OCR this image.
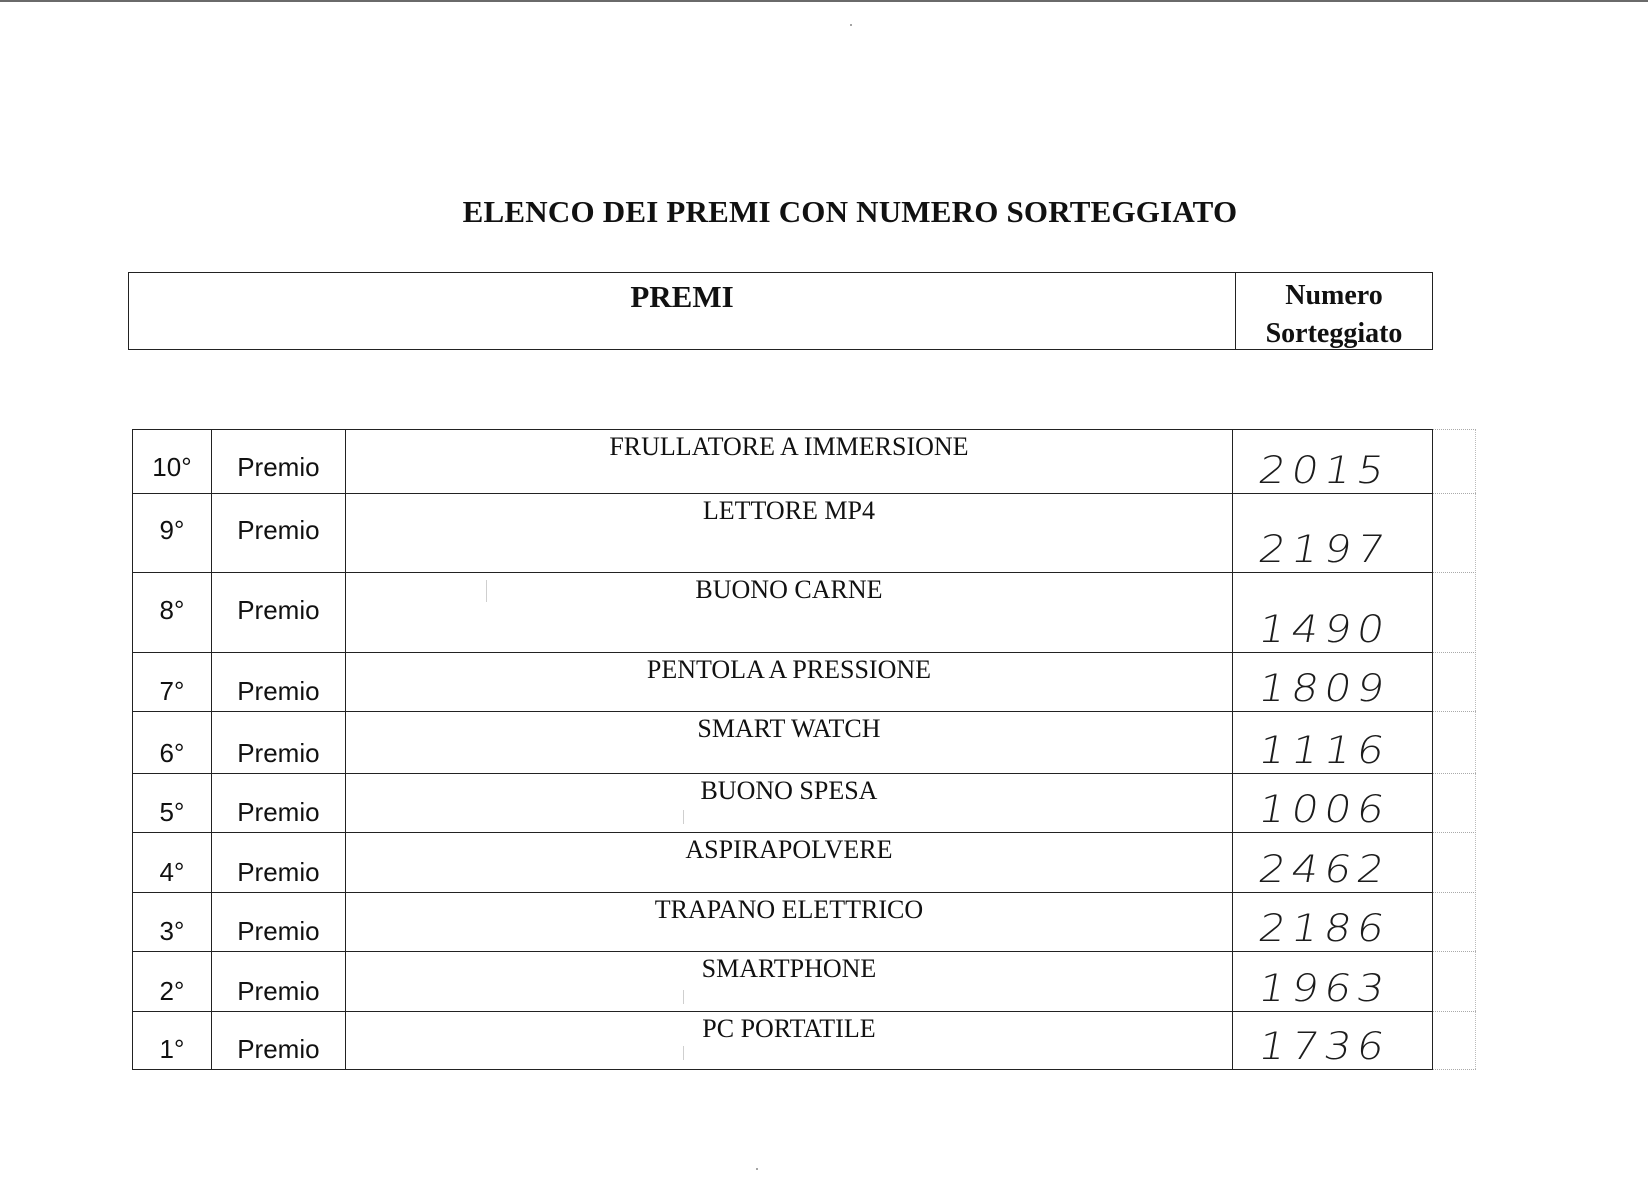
ELENCO DEI PREMI CON NUMERO SORTEGGIATO
PREMI	Numero
Sorteggiato
10°	Premio	FRULLATORE A IMMERSIONE	2015

9°	Premio	LETTORE MP4	2197

8°	Premio	BUONO CARNE	1490

7°	Premio	PENTOLA A PRESSIONE	1809

6°	Premio	SMART WATCH	1116

5°	Premio	BUONO SPESA	1006

4°	Premio	ASPIRAPOLVERE	2462

3°	Premio	TRAPANO ELETTRICO	2186

2°	Premio	SMARTPHONE	1963

1°	Premio	PC PORTATILE	1736
